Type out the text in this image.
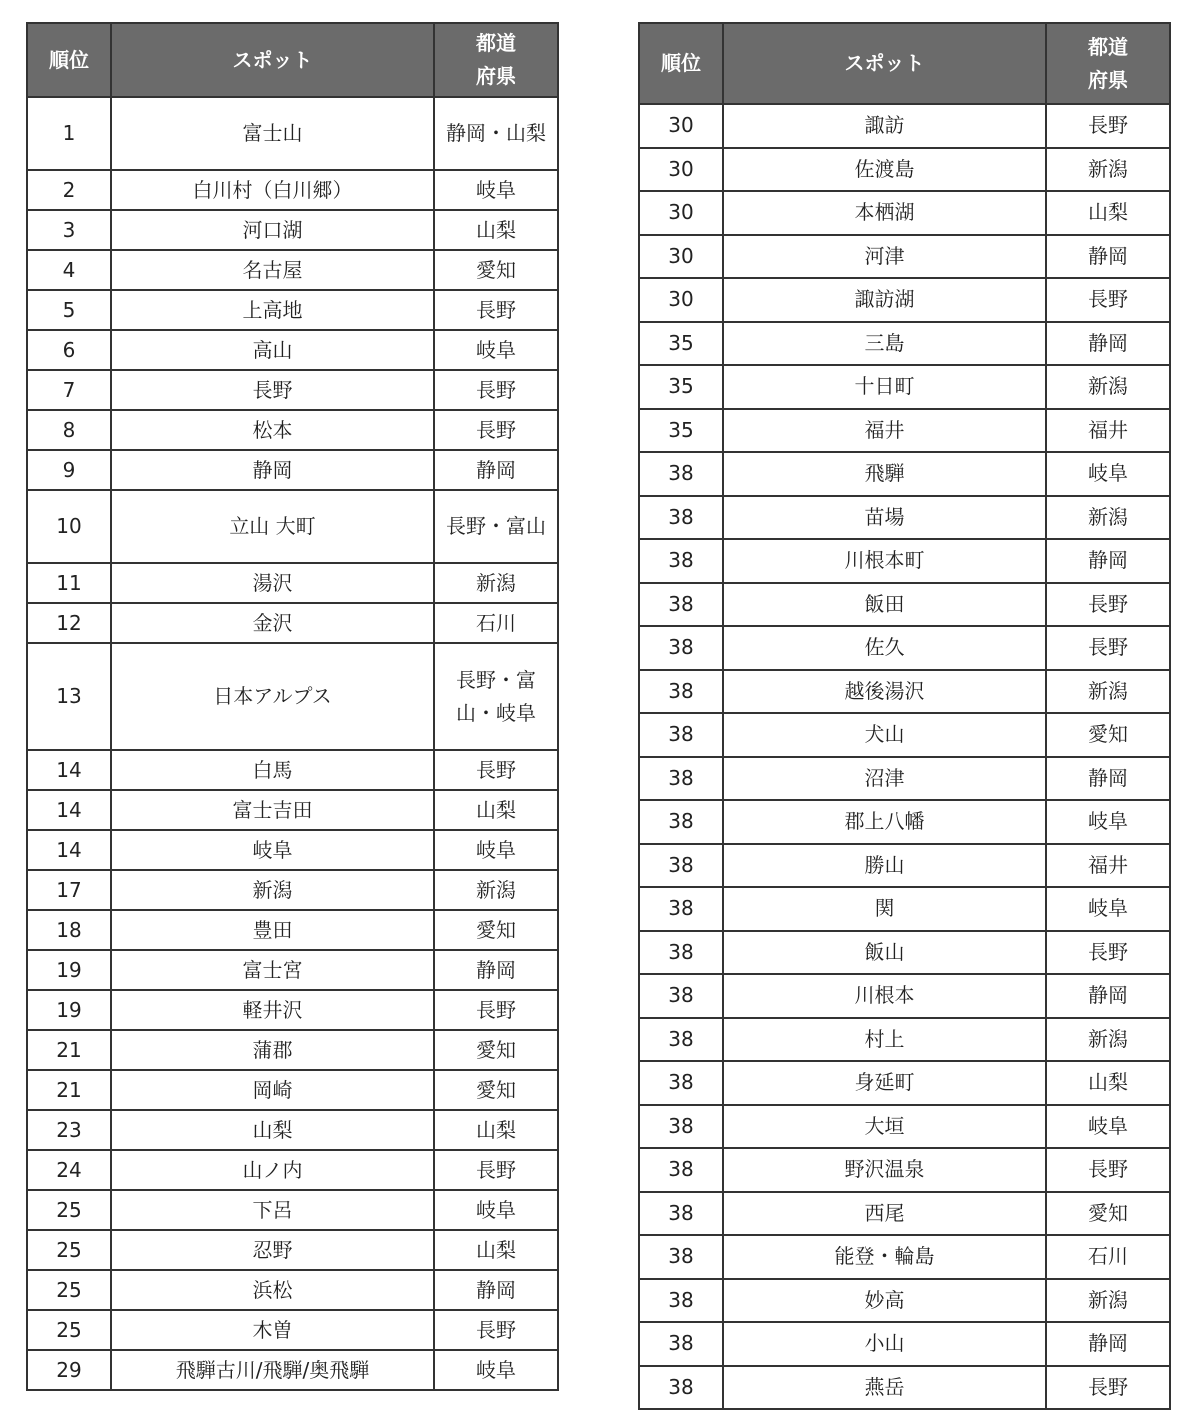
順位	スポット	都道
府県

1	富士山	静岡・山梨

2	白川村（白川郷）	岐阜

3	河口湖	山梨

4	名古屋	愛知

5	上高地	長野

6	高山	岐阜

7	長野	長野

8	松本	長野

9	静岡	静岡

10	立山 大町	長野・富山

11	湯沢	新潟

12	金沢	石川

13	日本アルプス	長野・富山・岐阜

14	白馬	長野

14	富士吉田	山梨

14	岐阜	岐阜

17	新潟	新潟

18	豊田	愛知

19	富士宮	静岡

19	軽井沢	長野

21	蒲郡	愛知

21	岡崎	愛知

23	山梨	山梨

24	山ノ内	長野

25	下呂	岐阜

25	忍野	山梨

25	浜松	静岡

25	木曽	長野

29	飛騨古川/飛騨/奥飛騨	岐阜
順位	スポット	都道
府県

30	諏訪	長野

30	佐渡島	新潟

30	本栖湖	山梨

30	河津	静岡

30	諏訪湖	長野

35	三島	静岡

35	十日町	新潟

35	福井	福井

38	飛騨	岐阜

38	苗場	新潟

38	川根本町	静岡

38	飯田	長野

38	佐久	長野

38	越後湯沢	新潟

38	犬山	愛知

38	沼津	静岡

38	郡上八幡	岐阜

38	勝山	福井

38	関	岐阜

38	飯山	長野

38	川根本	静岡

38	村上	新潟

38	身延町	山梨

38	大垣	岐阜

38	野沢温泉	長野

38	西尾	愛知

38	能登・輪島	石川

38	妙高	新潟

38	小山	静岡

38	燕岳	長野
